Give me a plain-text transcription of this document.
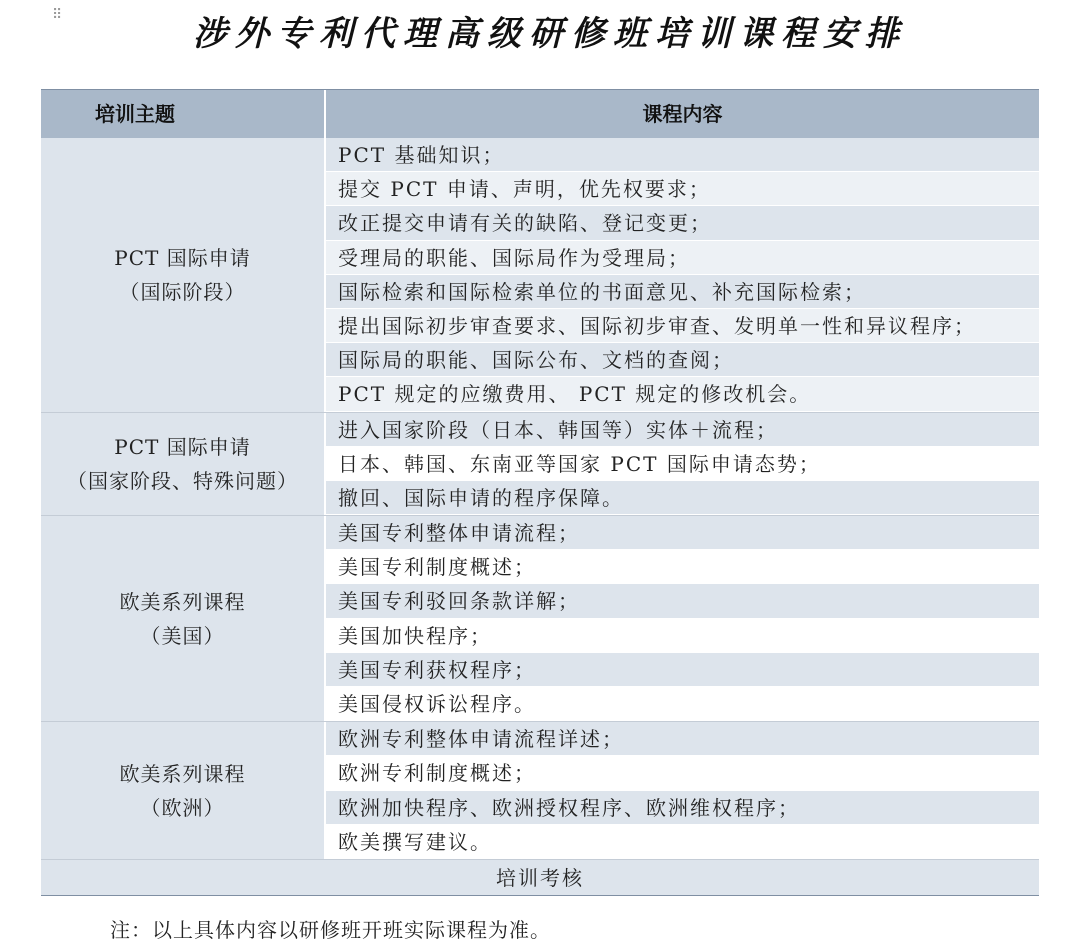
⠿	涉外专利代理高级研修班培训课程安排
培训主题	课程内容
PCT 国际申请
（国际阶段）
PCT 基础知识；
提交 PCT 申请、声明，优先权要求；
改正提交申请有关的缺陷、登记变更；
受理局的职能、国际局作为受理局；
国际检索和国际检索单位的书面意见、补充国际检索；
提出国际初步审查要求、国际初步审查、发明单一性和异议程序；
国际局的职能、国际公布、文档的查阅；
PCT 规定的应缴费用、 PCT 规定的修改机会。
PCT 国际申请
（国家阶段、特殊问题）
进入国家阶段（日本、韩国等）实体＋流程；
日本、韩国、东南亚等国家 PCT 国际申请态势；
撤回、国际申请的程序保障。
欧美系列课程
（美国）
美国专利整体申请流程；
美国专利制度概述；
美国专利驳回条款详解；
美国加快程序；
美国专利获权程序；
美国侵权诉讼程序。
欧美系列课程
（欧洲）
欧洲专利整体申请流程详述；
欧洲专利制度概述；
欧洲加快程序、欧洲授权程序、欧洲维权程序；
欧美撰写建议。
培训考核
注：以上具体内容以研修班开班实际课程为准。
